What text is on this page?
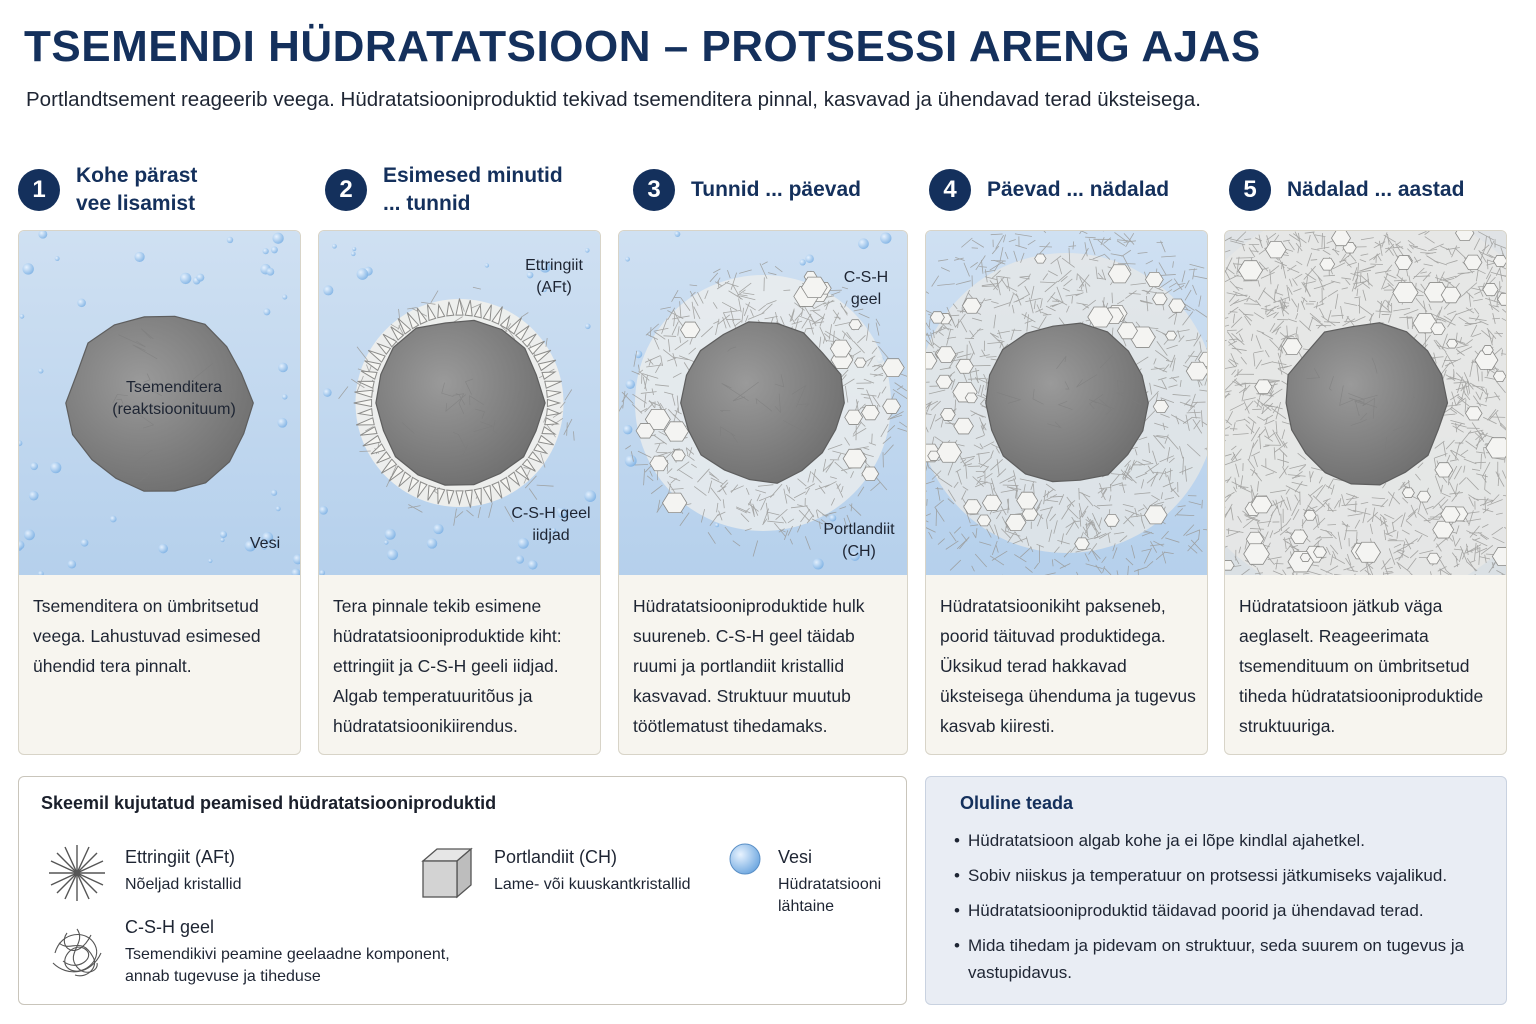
TSEMENDI HÜDRATATSIOON – PROTSESSI ARENG AJAS

Portlandtsement reageerib veega. Hüdratatsiooniproduktid tekivad tsemenditera pinnal, kasvavad ja ühendavad terad üksteisega.

1
Kohe pärast
vee lisamist
2
Esimesed minutid
... tunnid
3	Tunnid ... päevad	4	Päevad ... nädalad	5	Nädalad ... aastad
Tsemenditera
(reaktsioonituum)
Vesi
Tsemenditera on ümbritsetud veega. Lahustuvad esimesed ühendid tera pinnalt.
Ettringiit
(AFt)
C-S-H geel
iidjad
Tera pinnale tekib esimene hüdratatsiooniproduktide kiht: ettringiit ja C-S-H geeli iidjad. Algab temperatuuritõus ja hüdratatsioonikiirendus.
C-S-H
geel
Portlandiit
(CH)
Hüdratatsiooniproduktide hulk suureneb. C-S-H geel täidab ruumi ja portlandiit kristallid kasvavad. Struktuur muutub töötlematust tihedamaks.
Hüdratatsioonikiht pakseneb, poorid täituvad produktidega. Üksikud terad hakkavad üksteisega ühenduma ja tugevus kasvab kiiresti.
Hüdratatsioon jätkub väga aeglaselt. Reageerimata tsemendituum on ümbritsetud tiheda hüdratatsiooniproduktide struktuuriga.
Skeemil kujutatud peamised hüdratatsiooniproduktid
Ettringiit (AFt)
Nõeljad kristallid
Portlandiit (CH)
Lame- või kuuskantkristallid
Vesi
Hüdratatsiooni
lähtaine
C-S-H geel
Tsemendikivi peamine geelaadne komponent,
annab tugevuse ja tiheduse
Oluline teada
• Hüdratatsioon algab kohe ja ei lõpe kindlal ajahetkel.
• Sobiv niiskus ja temperatuur on protsessi jätkumiseks vajalikud.
• Hüdratatsiooniproduktid täidavad poorid ja ühendavad terad.
• Mida tihedam ja pidevam on struktuur, seda suurem on tugevus ja vastupidavus.
